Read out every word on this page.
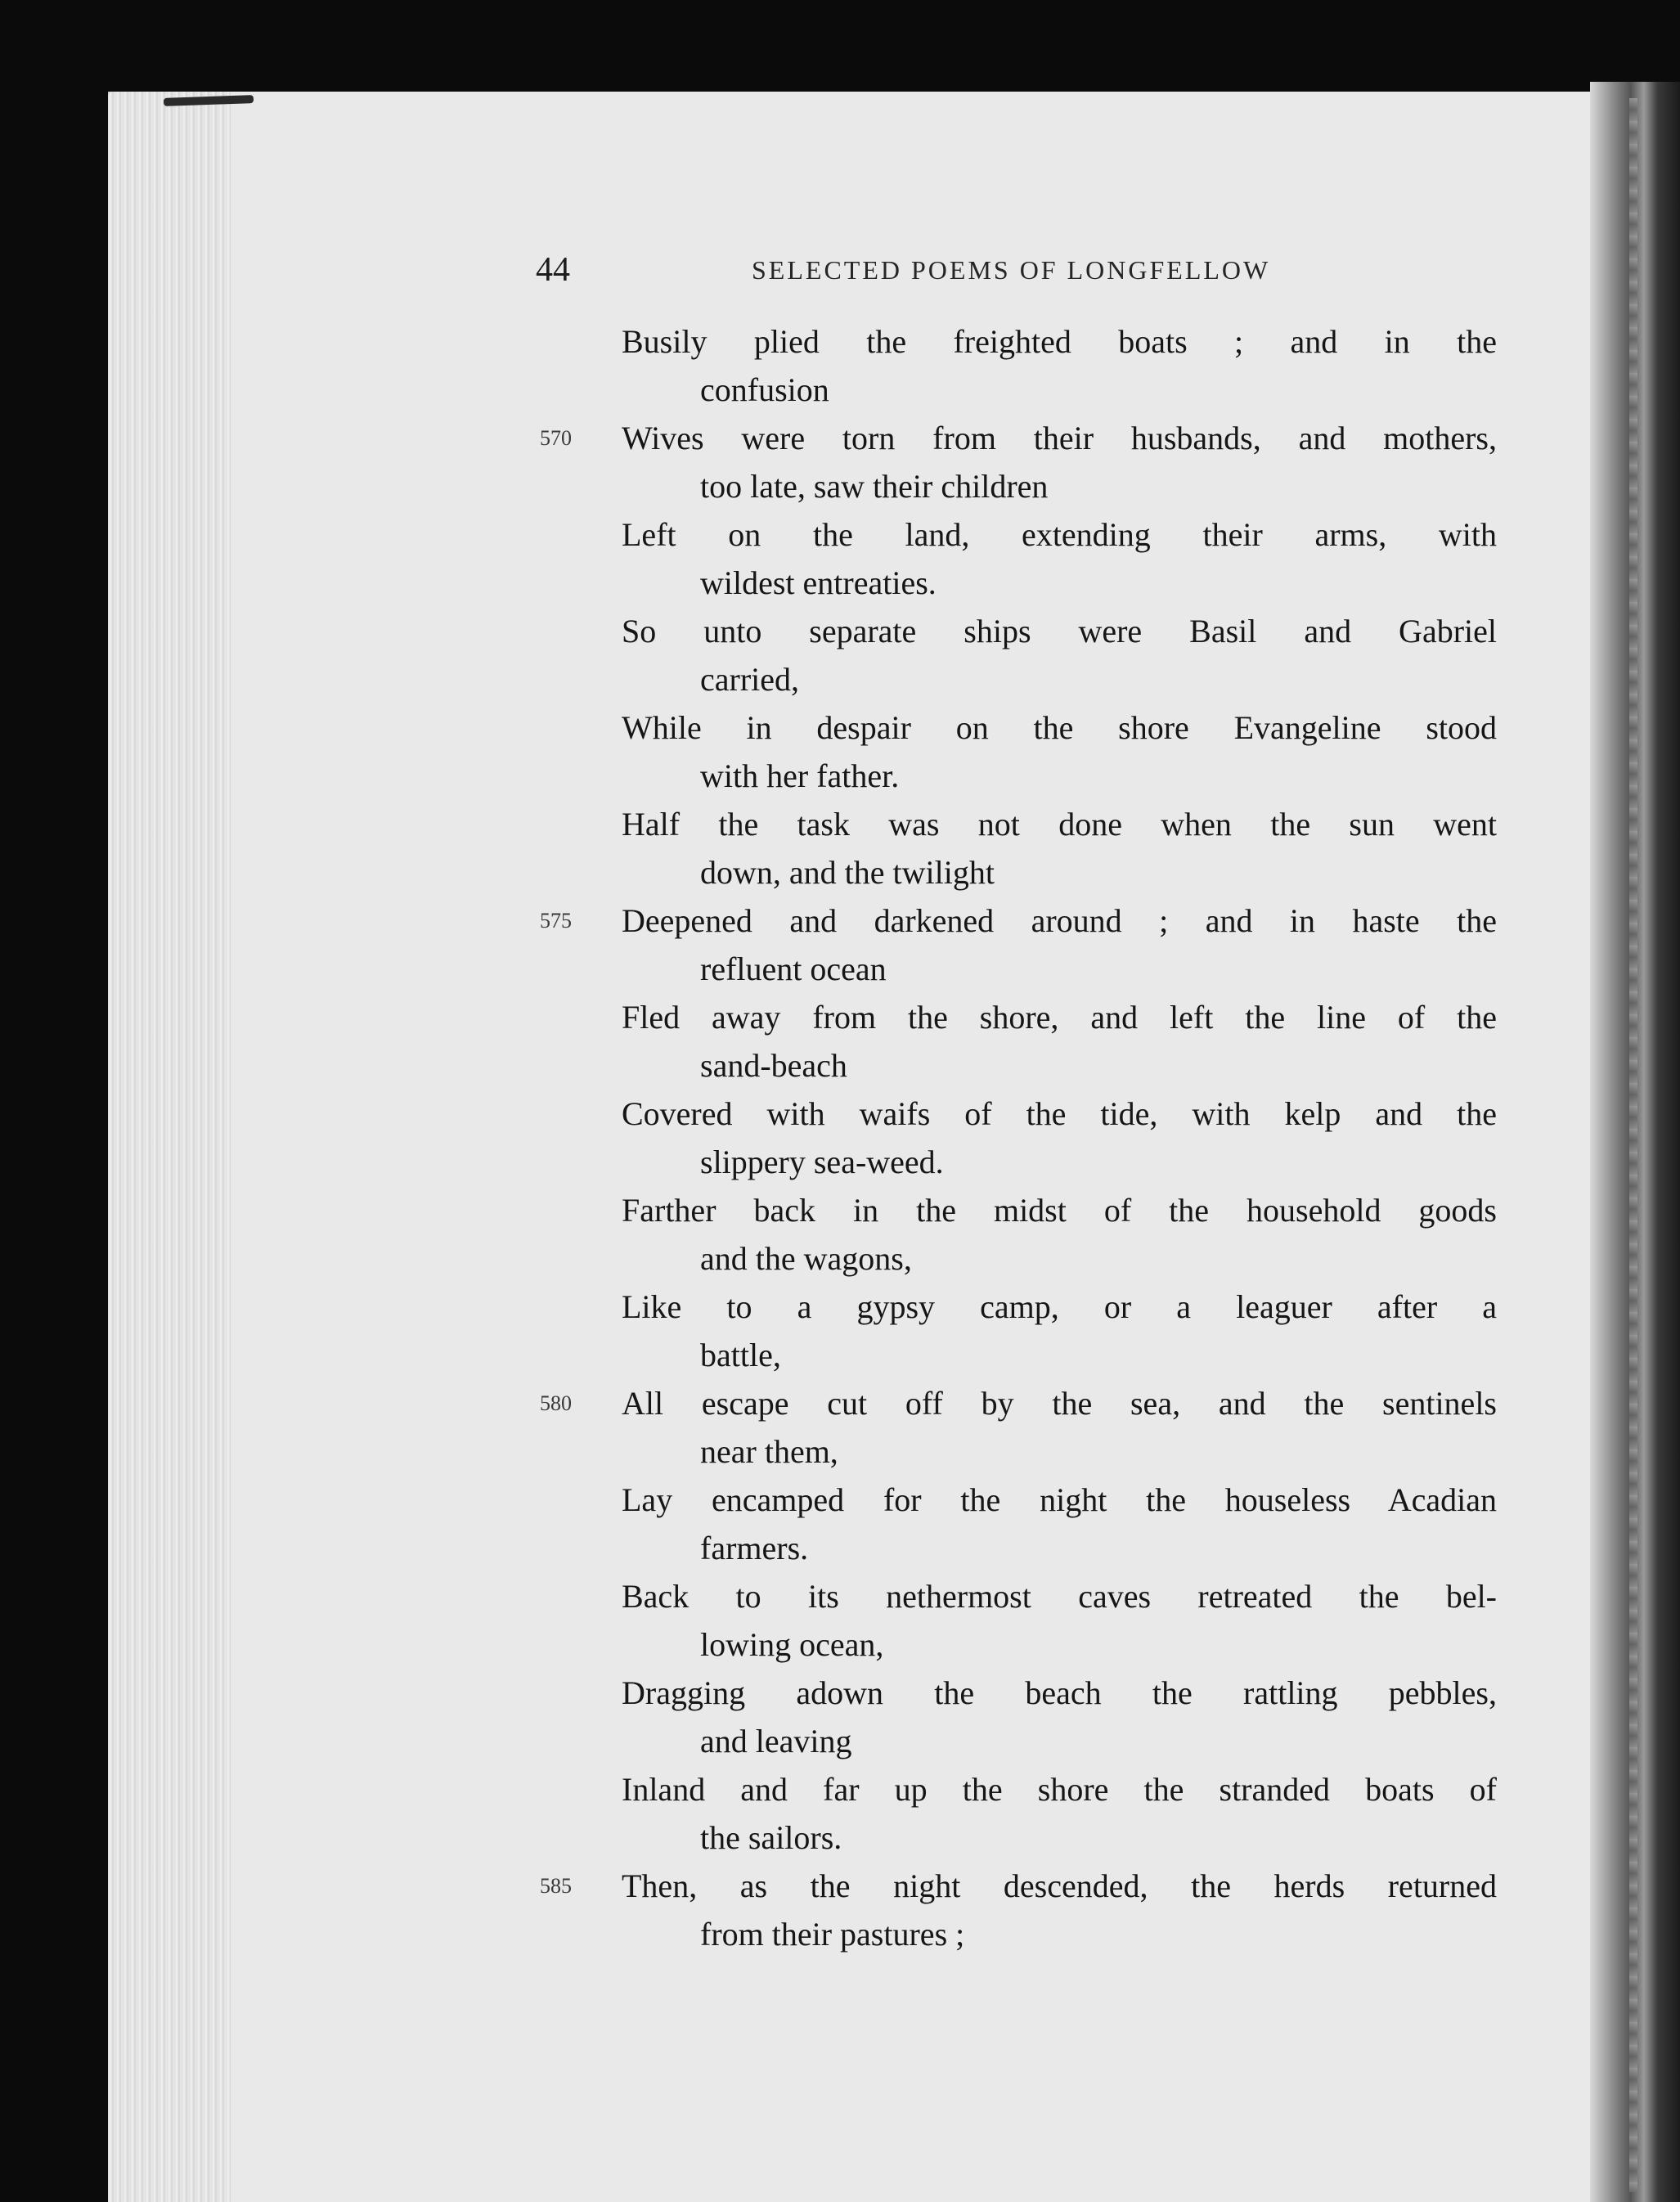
44	SELECTED POEMS OF LONGFELLOW
Busily plied the freighted boats ; and in the
confusion
Wives were torn from their husbands, and mothers,
570
too late, saw their children
Left on the land, extending their arms, with
wildest entreaties.
So unto separate ships were Basil and Gabriel
carried,
While in despair on the shore Evangeline stood
with her father.
Half the task was not done when the sun went
down, and the twilight
Deepened and darkened around ; and in haste the
575
refluent ocean
Fled away from the shore, and left the line of the
sand-beach
Covered with waifs of the tide, with kelp and the
slippery sea-weed.
Farther back in the midst of the household goods
and the wagons,
Like to a gypsy camp, or a leaguer after a
battle,
All escape cut off by the sea, and the sentinels
580
near them,
Lay encamped for the night the houseless Acadian
farmers.
Back to its nethermost caves retreated the bel-
lowing ocean,
Dragging adown the beach the rattling pebbles,
and leaving
Inland and far up the shore the stranded boats of
the sailors.
Then, as the night descended, the herds returned
585
from their pastures ;
